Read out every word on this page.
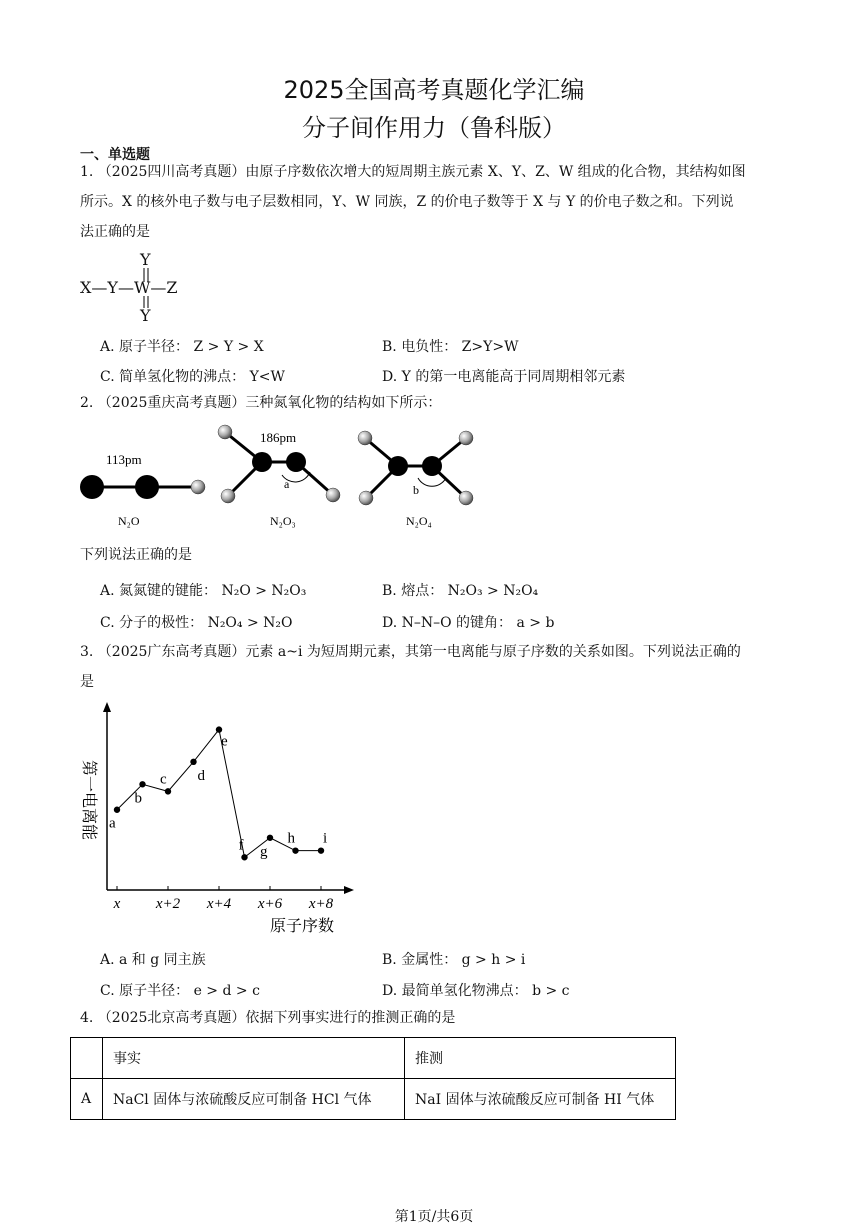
2025全国高考真题化学汇编
分子间作用力（鲁科版）
一、单选题
1. （2025四川高考真题）由原子序数依次增大的短周期主族元素 X、Y、Z、W 组成的化合物，其结构如图
所示。X 的核外电子数与电子层数相同，Y、W 同族，Z 的价电子数等于 X 与 Y 的价电子数之和。下列说
法正确的是
Y
X—Y—W—Z
Y
A. 原子半径： Z > Y > X	B. 电负性： Z>Y>W
C. 简单氢化物的沸点： Y<W	D. Y 的第一电离能高于同周期相邻元素
2. （2025重庆高考真题）三种氮氧化物的结构如下所示：
113pm
186pm
a	b
N₂O	N₂O₃	N₂O₄
下列说法正确的是
A. 氮氮键的键能： N₂O > N₂O₃	B. 熔点： N₂O₃ > N₂O₄
C. 分子的极性： N₂O₄ > N₂O	D. N–N–O 的键角： a > b
3. （2025广东高考真题）元素 a~i 为短周期元素，其第一电离能与原子序数的关系如图。下列说法正确的
是
x x+2 x+4 x+6 x+8
a
b
c d
e
f g
h i
第一电离能
原子序数
A. a 和 g 同主族	B. 金属性： g > h > i
C. 原子半径： e > d > c	D. 最简单氢化物沸点： b > c
4. （2025北京高考真题）依据下列事实进行的推测正确的是
	事实	推测
A	NaCl 固体与浓硫酸反应可制备 HCl 气体	NaI 固体与浓硫酸反应可制备 HI 气体
第1页/共6页
